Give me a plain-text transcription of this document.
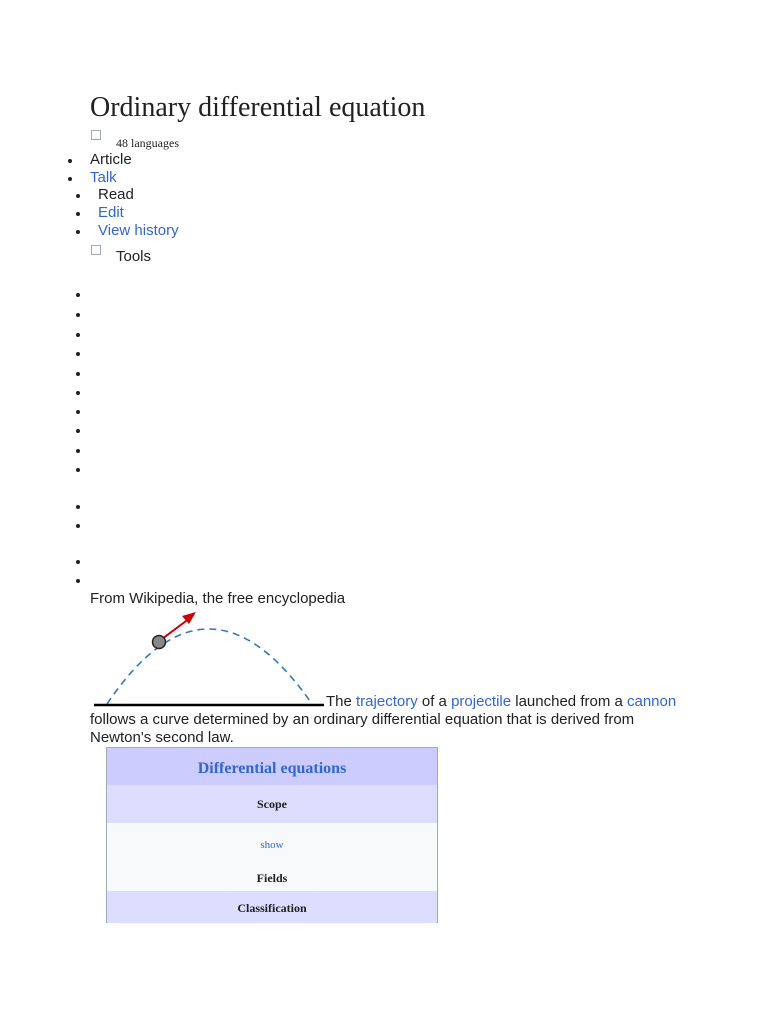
Ordinary differential equation
48 languages
Article
Talk
Read
Edit
View history
Tools
From Wikipedia, the free encyclopedia
The trajectory of a projectile launched from a cannon follows a curve determined by an ordinary differential equation that is derived from Newton's second law.
Differential equations
Scope
show
Fields
Classification
